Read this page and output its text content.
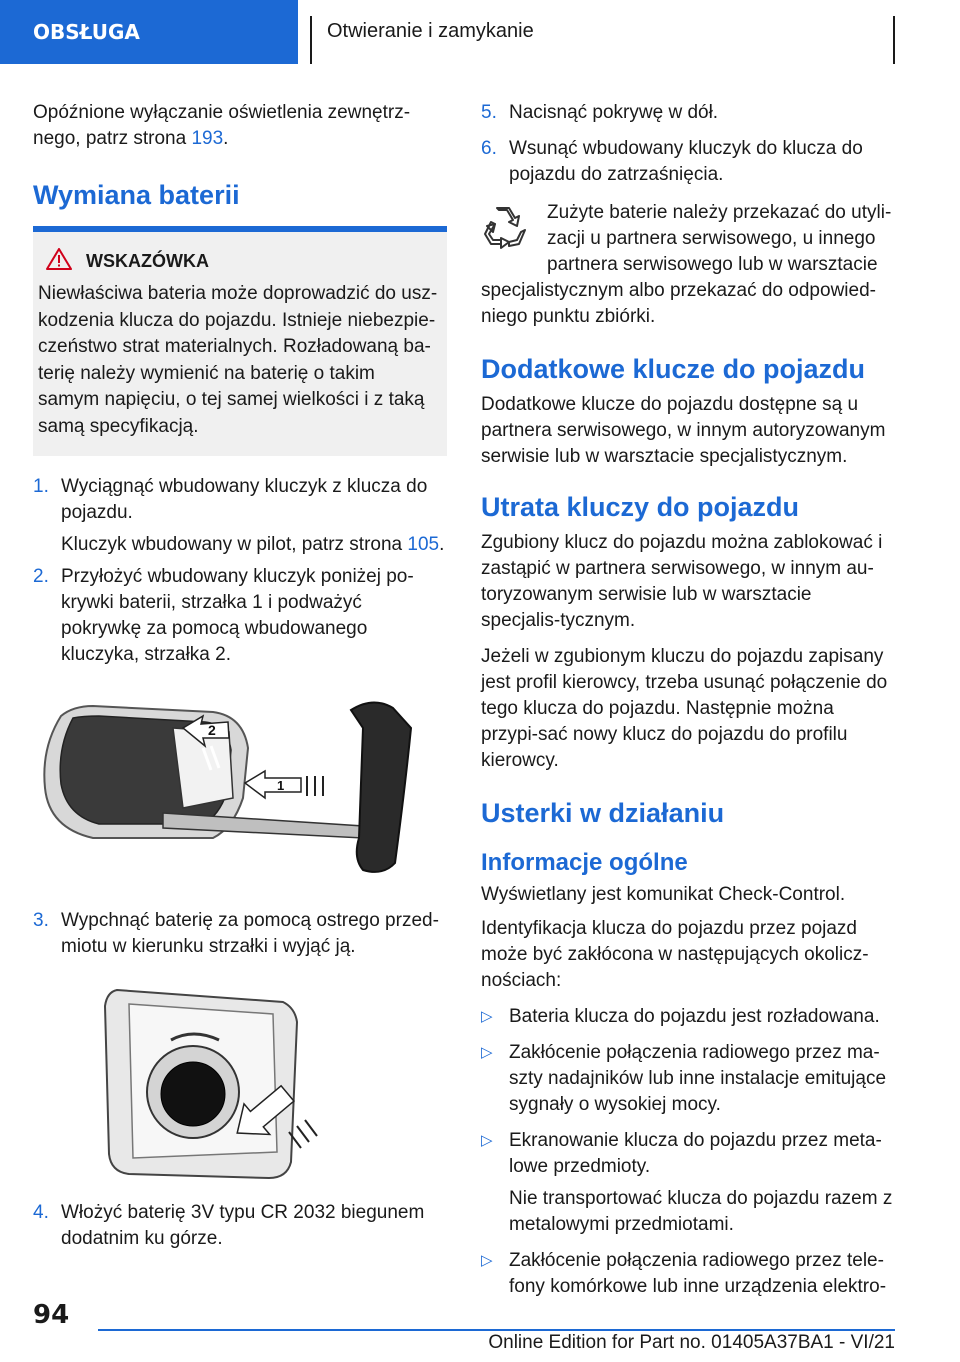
OBSŁUGA	Otwieranie i zamykanie

Opóźnione wyłączanie oświetlenia zewnętrz-nego, patrz strona 193.

Wymiana baterii
WSKAZÓWKA

Niewłaściwa bateria może doprowadzić do usz-kodzenia klucza do pojazdu. Istnieje niebezpie-czeństwo strat materialnych. Rozładowaną ba-terię należy wymienić na baterię o takim samym napięciu, o tej samej wielkości i z taką samą specyfikacją.

1. Wyciągnąć wbudowany kluczyk z klucza do pojazdu.

Kluczyk wbudowany w pilot, patrz strona 105.

2. Przyłożyć wbudowany kluczyk poniżej po-krywki baterii, strzałka 1 i podważyć pokrywkę za pomocą wbudowanego kluczyka, strzałka 2.

2
1
3. Wypchnąć baterię za pomocą ostrego przed-miotu w kierunku strzałki i wyjąć ją.

4. Włożyć baterię 3V typu CR 2032 biegunem dodatnim ku górze.

5. Nacisnąć pokrywę w dół.

6. Wsunąć wbudowany kluczyk do klucza do pojazdu do zatrzaśnięcia.

Zużyte baterie należy przekazać do utyli-zacji u partnera serwisowego, u innego partnera serwisowego lub w warsztacie specjalistycznym albo przekazać do odpowied-niego punktu zbiórki.

Dodatkowe klucze do pojazdu

Dodatkowe klucze do pojazdu dostępne są u partnera serwisowego, w innym autoryzowanym serwisie lub w warsztacie specjalistycznym.

Utrata kluczy do pojazdu

Zgubiony klucz do pojazdu można zablokować i zastąpić w partnera serwisowego, w innym au-toryzowanym serwisie lub w warsztacie specjalis-tycznym.

Jeżeli w zgubionym kluczu do pojazdu zapisany jest profil kierowcy, trzeba usunąć połączenie do tego klucza do pojazdu. Następnie można przypi-sać nowy klucz do pojazdu do profilu kierowcy.

Usterki w działaniu
Informacje ogólne

Wyświetlany jest komunikat Check-Control.

Identyfikacja klucza do pojazdu przez pojazd może być zakłócona w następujących okolicz-nościach:

▷ Bateria klucza do pojazdu jest rozładowana.

▷ Zakłócenie połączenia radiowego przez ma-szty nadajników lub inne instalacje emitujące sygnały o wysokiej mocy.

▷ Ekranowanie klucza do pojazdu przez meta-lowe przedmioty.

Nie transportować klucza do pojazdu razem z metalowymi przedmiotami.

▷ Zakłócenie połączenia radiowego przez tele-fony komórkowe lub inne urządzenia elektro-

94
Online Edition for Part no. 01405A37BA1 - VI/21
